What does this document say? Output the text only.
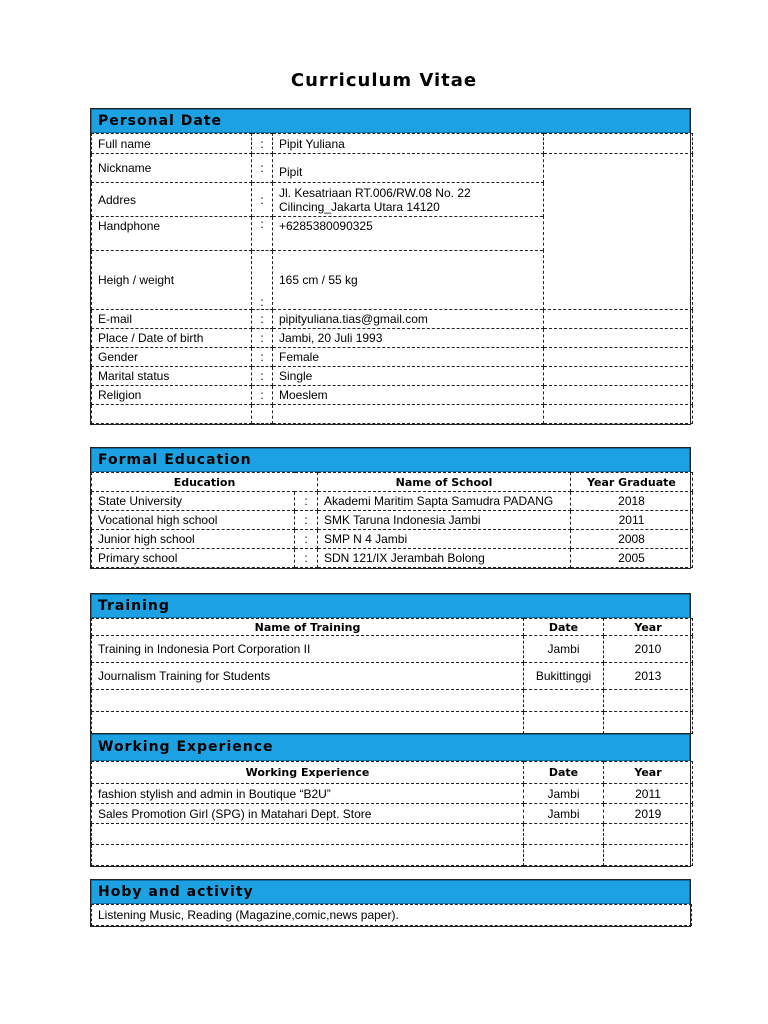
Curriculum Vitae
Personal Date
Full name	:	Pipit Yuliana	
Nickname	:	Pipit	
Addres	:	Jl. Kesatriaan RT.006/RW.08 No. 22
Cilincing_Jakarta Utara 14120	

Handphone	:	+6285380090325	
Heigh / weight	:	165 cm / 55 kg	
E-mail	:	pipityuliana.tias@gmail.com	
Place / Date of birth	:	Jambi, 20 Juli 1993	
Gender	:	Female	
Marital status	:	Single	
Religion	:	Moeslem	

Formal Education
Education		Name of School	Year Graduate
State University	:	Akademi Maritim Sapta Samudra PADANG	2018
Vocational high school	:	SMK Taruna Indonesia Jambi	2011
Junior high school	:	SMP N 4 Jambi	2008
Primary school	:	SDN 121/IX Jerambah Bolong	2005
Training
Name of Training	Date	Year
Training in Indonesia Port Corporation II	Jambi	2010
Journalism Training for Students	Bukittinggi	2013

Working Experience
Working Experience	Date	Year
fashion stylish and admin in Boutique “B2U”	Jambi	2011
Sales Promotion Girl (SPG) in Matahari Dept. Store	Jambi	2019

Hoby and activity
Listening Music, Reading (Magazine,comic,news paper).
